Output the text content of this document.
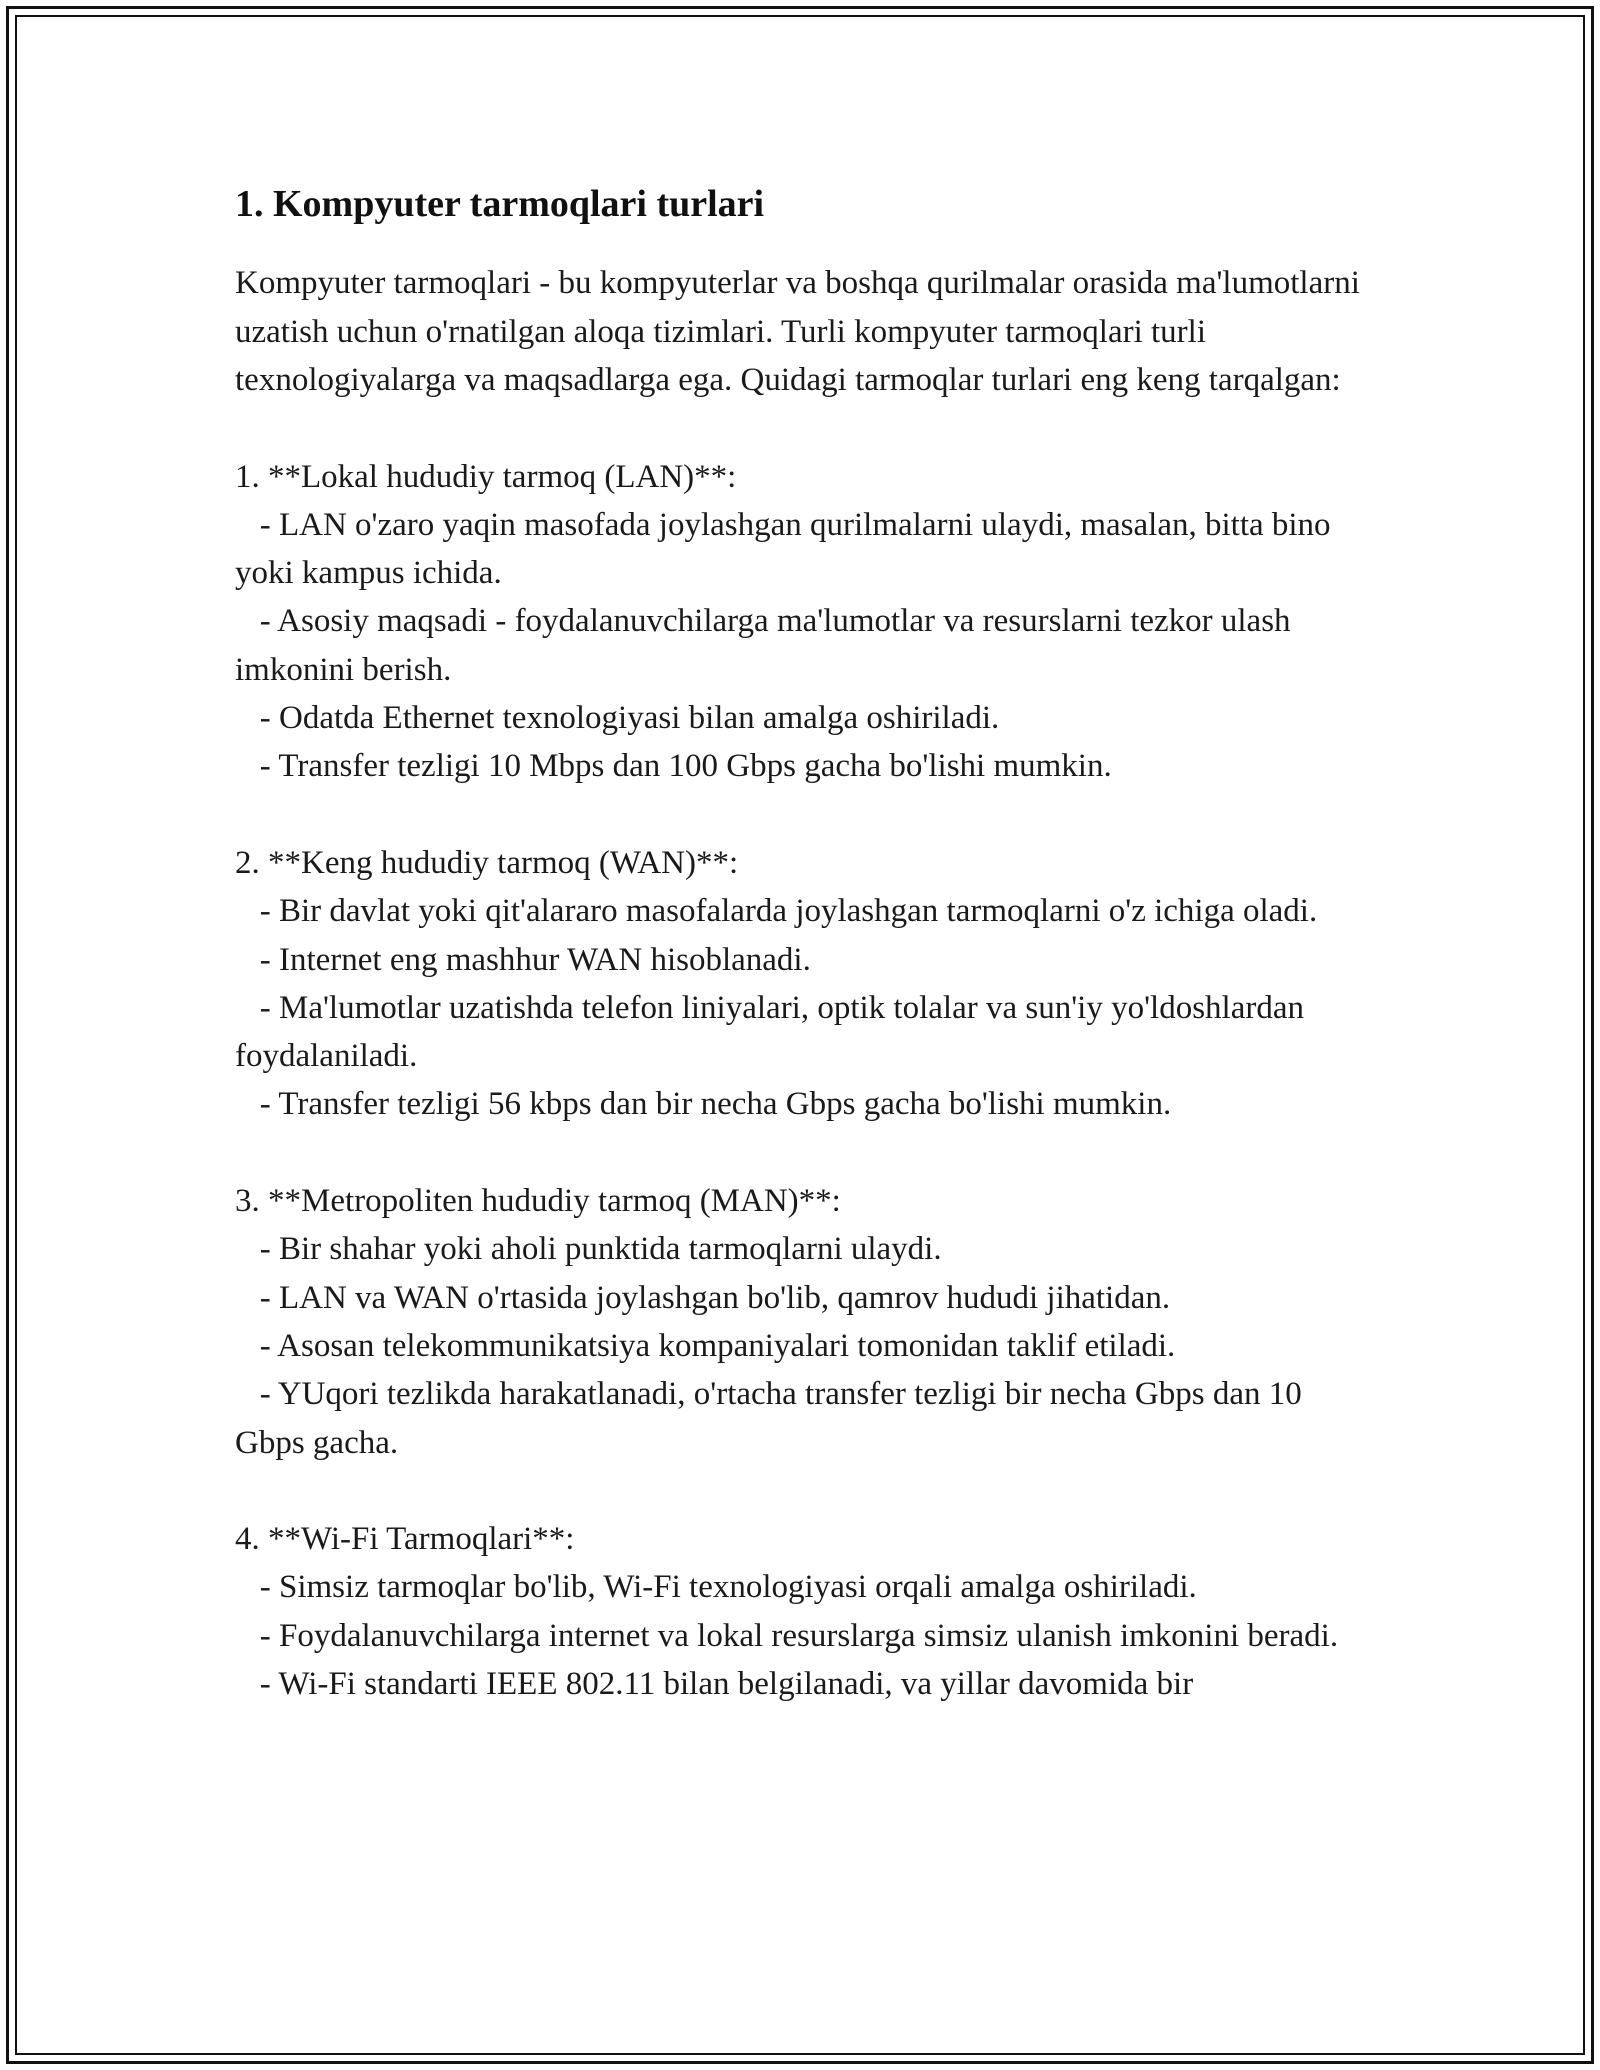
1. Kompyuter tarmoqlari turlari

Kompyuter tarmoqlari - bu kompyuterlar va boshqa qurilmalar orasida ma'lumotlarni uzatish uchun o'rnatilgan aloqa tizimlari. Turli kompyuter tarmoqlari turli texnologiyalarga va maqsadlarga ega. Quidagi tarmoqlar turlari eng keng tarqalgan:

1. **Lokal hududiy tarmoq (LAN)**:

- LAN o'zaro yaqin masofada joylashgan qurilmalarni ulaydi, masalan, bitta bino yoki kampus ichida.

- Asosiy maqsadi - foydalanuvchilarga ma'lumotlar va resurslarni tezkor ulash imkonini berish.

- Odatda Ethernet texnologiyasi bilan amalga oshiriladi.

- Transfer tezligi 10 Mbps dan 100 Gbps gacha bo'lishi mumkin.

2. **Keng hududiy tarmoq (WAN)**:

- Bir davlat yoki qit'alararo masofalarda joylashgan tarmoqlarni o'z ichiga oladi.

- Internet eng mashhur WAN hisoblanadi.

- Ma'lumotlar uzatishda telefon liniyalari, optik tolalar va sun'iy yo'ldoshlardan foydalaniladi.

- Transfer tezligi 56 kbps dan bir necha Gbps gacha bo'lishi mumkin.

3. **Metropoliten hududiy tarmoq (MAN)**:

- Bir shahar yoki aholi punktida tarmoqlarni ulaydi.

- LAN va WAN o'rtasida joylashgan bo'lib, qamrov hududi jihatidan.

- Asosan telekommunikatsiya kompaniyalari tomonidan taklif etiladi.

- YUqori tezlikda harakatlanadi, o'rtacha transfer tezligi bir necha Gbps dan 10 Gbps gacha.

4. **Wi-Fi Tarmoqlari**:

- Simsiz tarmoqlar bo'lib, Wi-Fi texnologiyasi orqali amalga oshiriladi.

- Foydalanuvchilarga internet va lokal resurslarga simsiz ulanish imkonini beradi.

- Wi-Fi standarti IEEE 802.11 bilan belgilanadi, va yillar davomida bir
